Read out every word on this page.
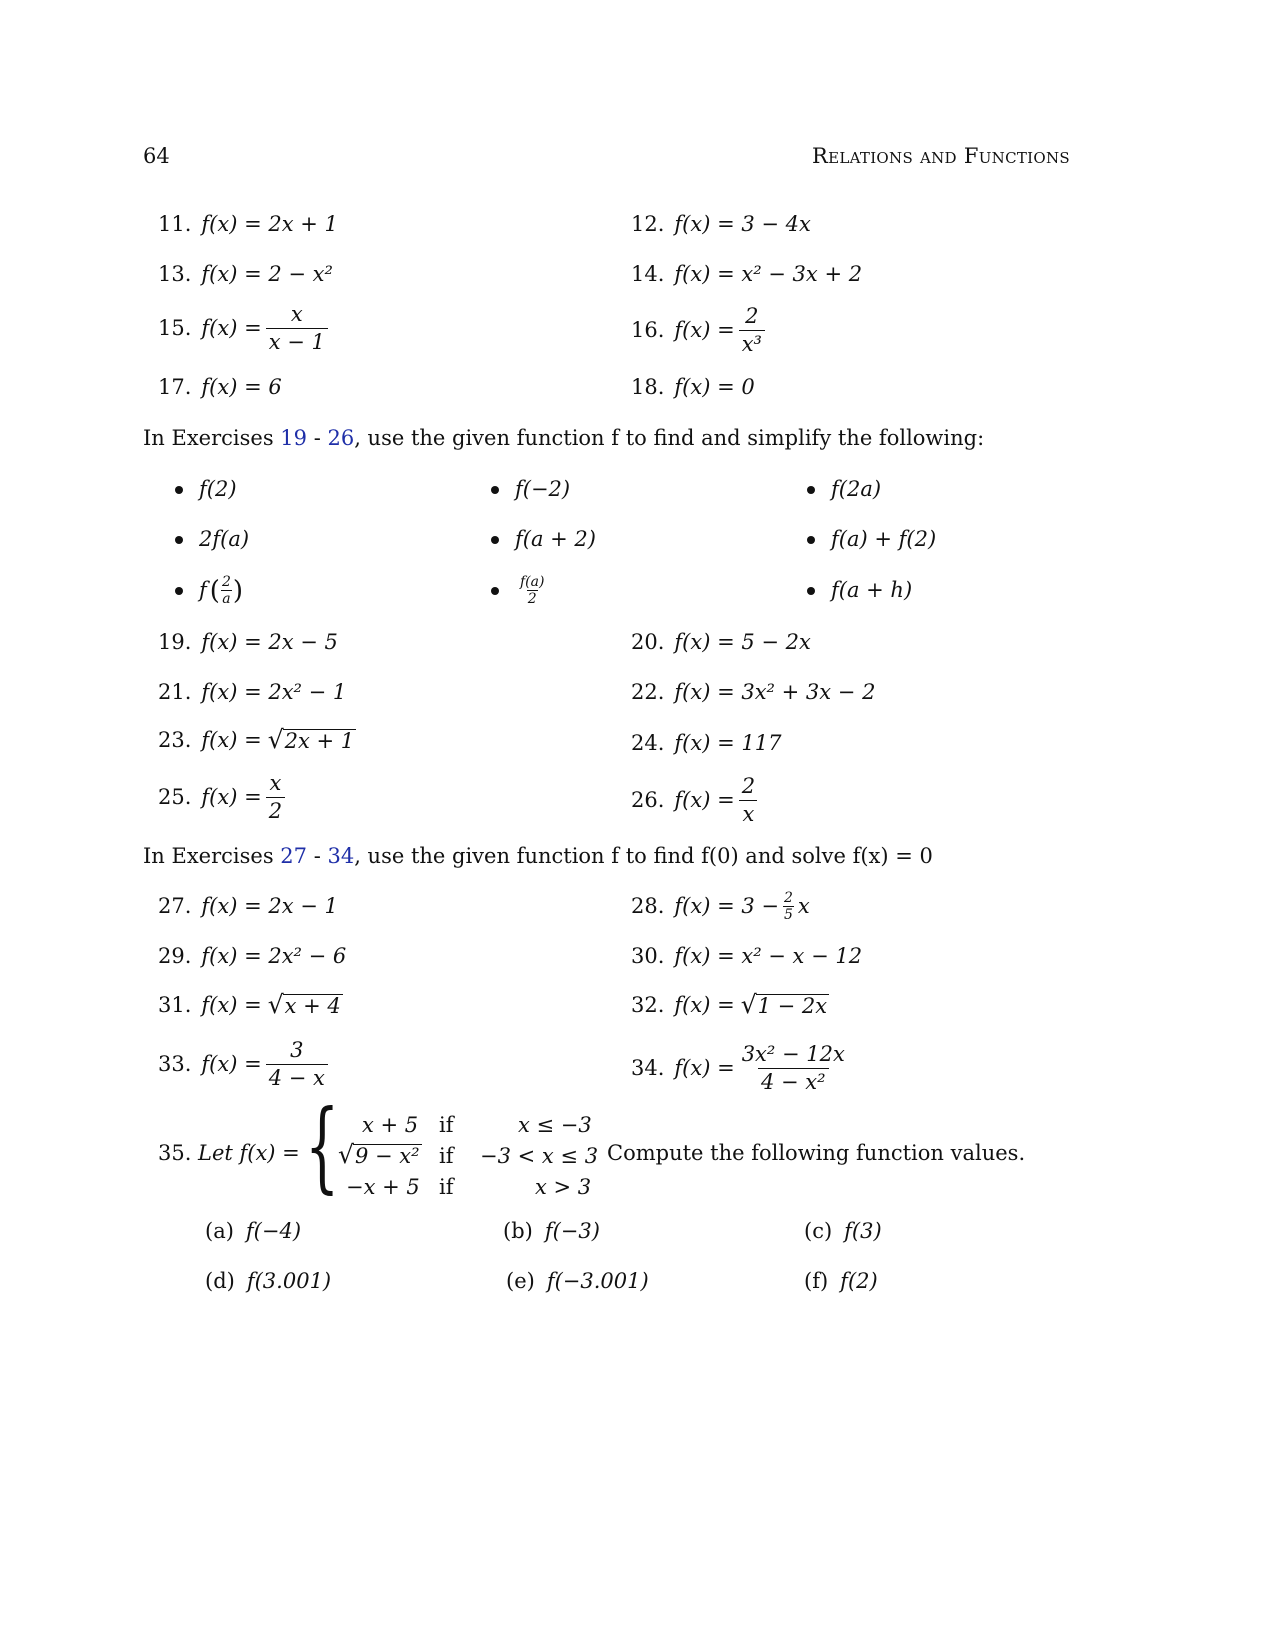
64	Relations and Functions
11. f(x) = 2x + 1	12. f(x) = 3 − 4x
13. f(x) = 2 − x²	14. f(x) = x² − 3x + 2
15. $f(x) = \frac{x}{x - 1}$	16. $f(x) = \frac{2}{\text{x³}}$
17. f(x) = 6	18. f(x) = 0
In Exercises 19 - 26, use the given function f to find and simplify the following:
f(2)	f(−2)	f(2a)
2f(a)	f(a + 2)	f(a) + f(2)
f ( $\frac{2}{a}$ )	$\frac{f(a)}{2}$	f(a + h)
19. f(x) = 2x − 5	20. f(x) = 5 − 2x
21. f(x) = 2x² − 1	22. f(x) = 3x² + 3x − 2
23. f(x) = √ 2x + 1	24. f(x) = 117
25. $f(x) = \frac{x}{2}$	26. $f(x) = \frac{2}{x}$
In Exercises 27 - 34, use the given function f to find f(0) and solve f(x) = 0
27. f(x) = 2x − 1	28. $f(x) = 3 - \frac{2}{5}$ x
29. f(x) = 2x² − 6	30. f(x) = x² − x − 12
31. f(x) = √ x + 4	32. f(x) = √ 1 − 2x
33. $f(x) = \frac{3}{4 - x}$	34. $f(x) = \frac{\text{3x² − 12x}}{\text{4 − x²}}$
35. Let f(x) = { x + 5 if	x ≤ −3
√ 9 − x² if −3 < x ≤ 3
−x + 5 if	x > 3
Compute the following function values.
(a) f(−4)	(b) f(−3)	(c) f(3)
(d) f(3.001)	(e) f(−3.001)	(f) f(2)
